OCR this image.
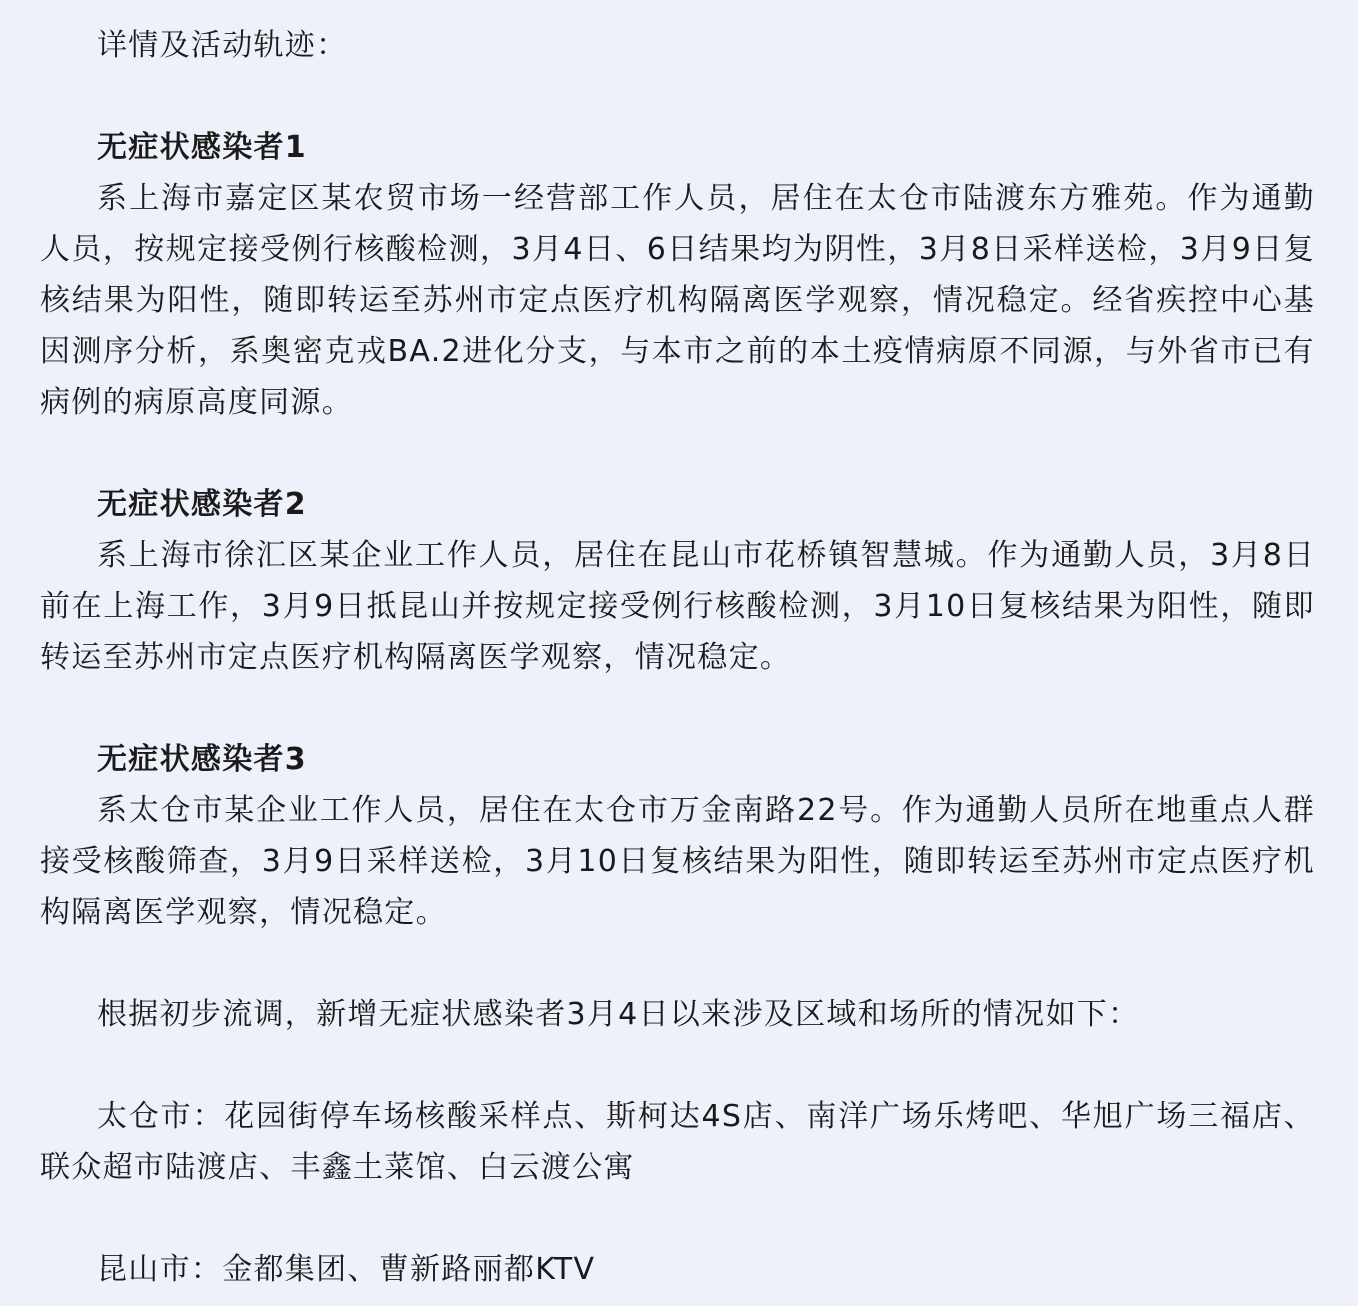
详情及活动轨迹：

无症状感染者1

系上海市嘉定区某农贸市场一经营部工作人员，居住在太仓市陆渡东方雅苑。作为通勤人员，按规定接受例行核酸检测，3月4日、6日结果均为阴性，3月8日采样送检，3月9日复核结果为阳性，随即转运至苏州市定点医疗机构隔离医学观察，情况稳定。经省疾控中心基因测序分析，系奥密克戎BA.2进化分支，与本市之前的本土疫情病原不同源，与外省市已有病例的病原高度同源。

无症状感染者2

系上海市徐汇区某企业工作人员，居住在昆山市花桥镇智慧城。作为通勤人员，3月8日前在上海工作，3月9日抵昆山并按规定接受例行核酸检测，3月10日复核结果为阳性，随即转运至苏州市定点医疗机构隔离医学观察，情况稳定。

无症状感染者3

系太仓市某企业工作人员，居住在太仓市万金南路22号。作为通勤人员所在地重点人群接受核酸筛查，3月9日采样送检，3月10日复核结果为阳性，随即转运至苏州市定点医疗机构隔离医学观察，情况稳定。

根据初步流调，新增无症状感染者3月4日以来涉及区域和场所的情况如下：

太仓市：花园街停车场核酸采样点、斯柯达4S店、南洋广场乐烤吧、华旭广场三福店、联众超市陆渡店、丰鑫土菜馆、白云渡公寓

昆山市：金都集团、曹新路丽都KTV
